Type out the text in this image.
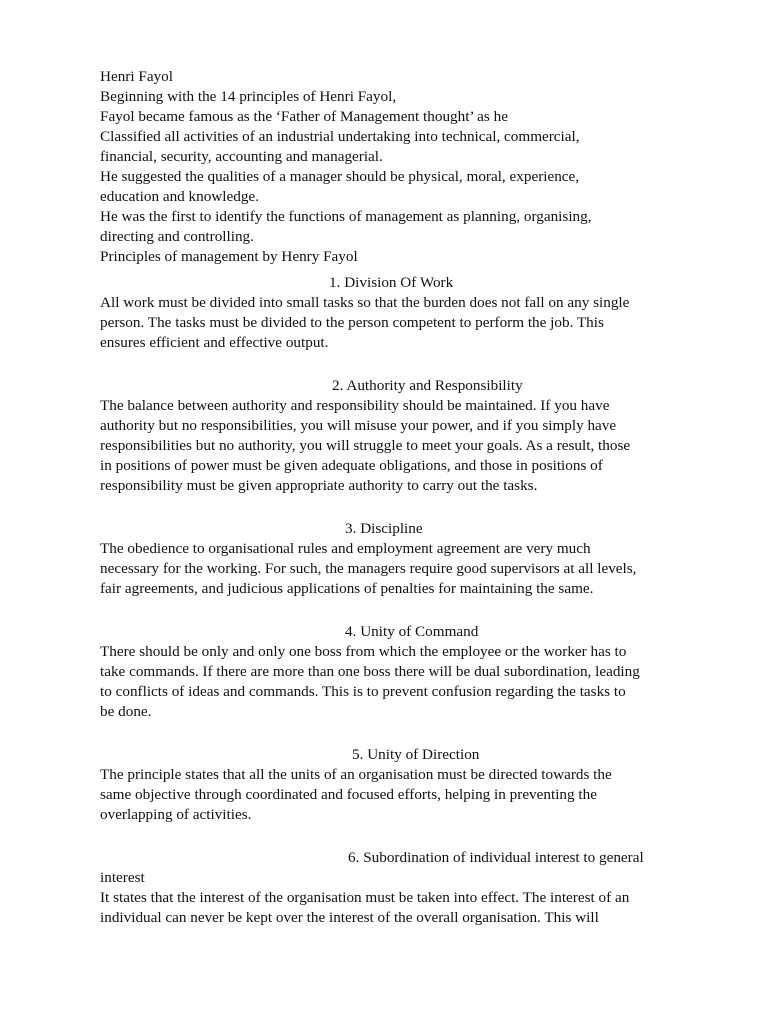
Henri Fayol
Beginning with the 14 principles of Henri Fayol,
Fayol became famous as the ‘Father of Management thought’ as he
Classified all activities of an industrial undertaking into technical, commercial,
financial, security, accounting and managerial.
He suggested the qualities of a manager should be physical, moral, experience,
education and knowledge.
He was the first to identify the functions of management as planning, organising,
directing and controlling.
Principles of management by Henry Fayol
1. Division Of Work
All work must be divided into small tasks so that the burden does not fall on any single
person. The tasks must be divided to the person competent to perform the job. This
ensures efficient and effective output.
2. Authority and Responsibility
The balance between authority and responsibility should be maintained. If you have
authority but no responsibilities, you will misuse your power, and if you simply have
responsibilities but no authority, you will struggle to meet your goals. As a result, those
in positions of power must be given adequate obligations, and those in positions of
responsibility must be given appropriate authority to carry out the tasks.
3. Discipline
The obedience to organisational rules and employment agreement are very much
necessary for the working. For such, the managers require good supervisors at all levels,
fair agreements, and judicious applications of penalties for maintaining the same.
4. Unity of Command
There should be only and only one boss from which the employee or the worker has to
take commands. If there are more than one boss there will be dual subordination, leading
to conflicts of ideas and commands. This is to prevent confusion regarding the tasks to
be done.
5. Unity of Direction
The principle states that all the units of an organisation must be directed towards the
same objective through coordinated and focused efforts, helping in preventing the
overlapping of activities.
6. Subordination of individual interest to general
interest
It states that the interest of the organisation must be taken into effect. The interest of an
individual can never be kept over the interest of the overall organisation. This will
